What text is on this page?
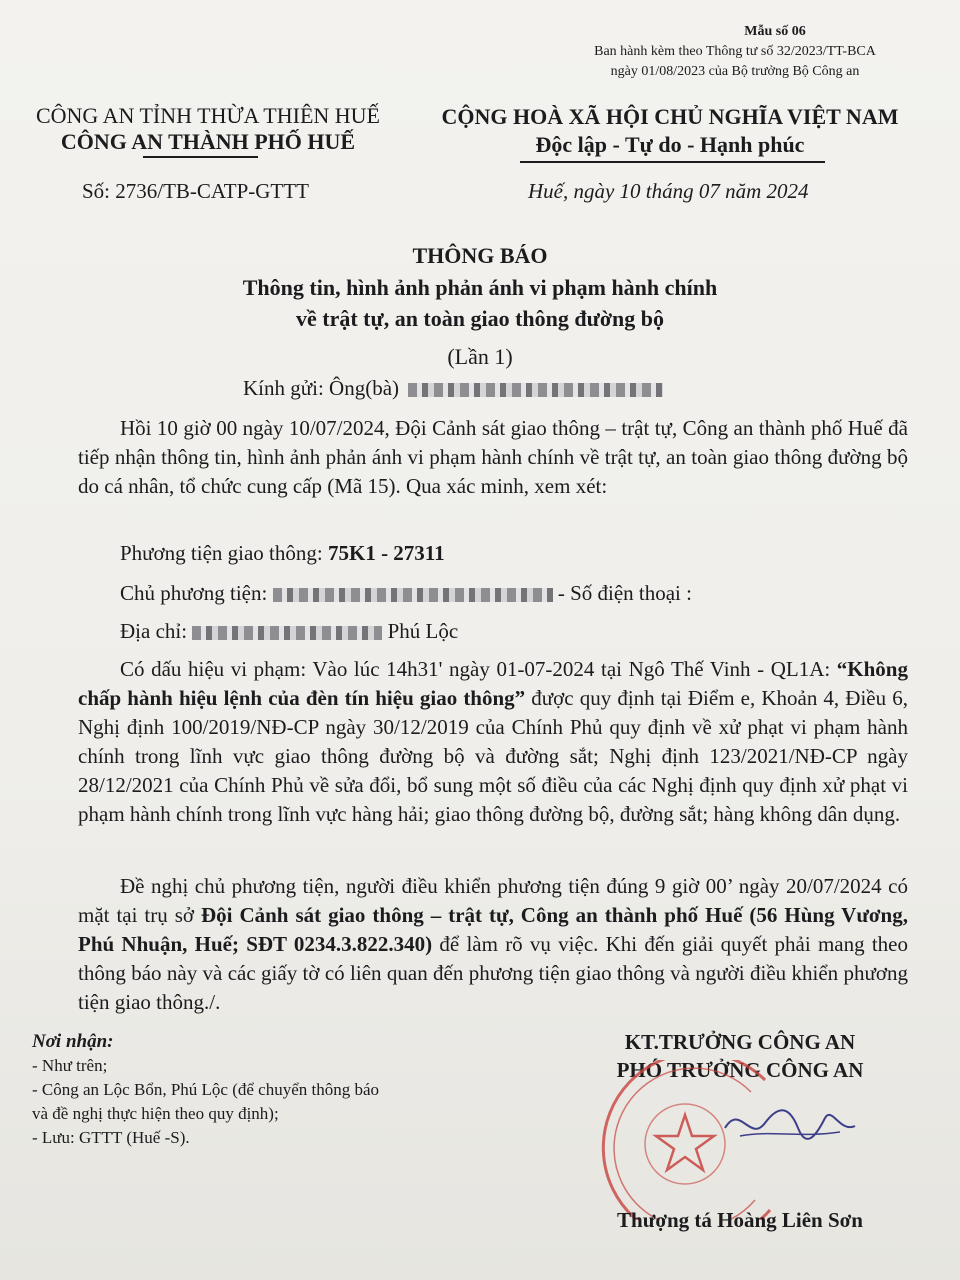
Mẫu số 06
Ban hành kèm theo Thông tư số 32/2023/TT-BCA
ngày 01/08/2023 của Bộ trưởng Bộ Công an
CÔNG AN TỈNH THỪA THIÊN HUẾ
CÔNG AN THÀNH PHỐ HUẾ
CỘNG HOÀ XÃ HỘI CHỦ NGHĨA VIỆT NAM
Độc lập - Tự do - Hạnh phúc
Số: 2736/TB-CATP-GTTT	Huế, ngày 10 tháng 07 năm 2024
THÔNG BÁO
Thông tin, hình ảnh phản ánh vi phạm hành chính
về trật tự, an toàn giao thông đường bộ
(Lần 1)
Kính gửi: Ông(bà)
Hồi 10 giờ 00 ngày 10/07/2024, Đội Cảnh sát giao thông – trật tự, Công an thành phố Huế đã tiếp nhận thông tin, hình ảnh phản ánh vi phạm hành chính về trật tự, an toàn giao thông đường bộ do cá nhân, tổ chức cung cấp (Mã 15). Qua xác minh, xem xét:
Phương tiện giao thông: 75K1 - 27311
Chủ phương tiện:	- Số điện thoại :
Địa chỉ:	Phú Lộc
Có dấu hiệu vi phạm: Vào lúc 14h31' ngày 01-07-2024 tại Ngô Thế Vinh - QL1A: “Không chấp hành hiệu lệnh của đèn tín hiệu giao thông” được quy định tại Điểm e, Khoản 4, Điều 6, Nghị định 100/2019/NĐ-CP ngày 30/12/2019 của Chính Phủ quy định về xử phạt vi phạm hành chính trong lĩnh vực giao thông đường bộ và đường sắt; Nghị định 123/2021/NĐ-CP ngày 28/12/2021 của Chính Phủ về sửa đổi, bổ sung một số điều của các Nghị định quy định xử phạt vi phạm hành chính trong lĩnh vực hàng hải; giao thông đường bộ, đường sắt; hàng không dân dụng.
Đề nghị chủ phương tiện, người điều khiển phương tiện đúng 9 giờ 00’ ngày 20/07/2024 có mặt tại trụ sở Đội Cảnh sát giao thông – trật tự, Công an thành phố Huế (56 Hùng Vương, Phú Nhuận, Huế; SĐT 0234.3.822.340) để làm rõ vụ việc. Khi đến giải quyết phải mang theo thông báo này và các giấy tờ có liên quan đến phương tiện giao thông và người điều khiển phương tiện giao thông./.
Nơi nhận:
- Như trên;
- Công an Lộc Bổn, Phú Lộc (để chuyển thông báo
và đề nghị thực hiện theo quy định);
- Lưu: GTTT (Huế -S).
KT.TRƯỞNG CÔNG AN
PHÓ TRƯỞNG CÔNG AN
Thượng tá Hoàng Liên Sơn
